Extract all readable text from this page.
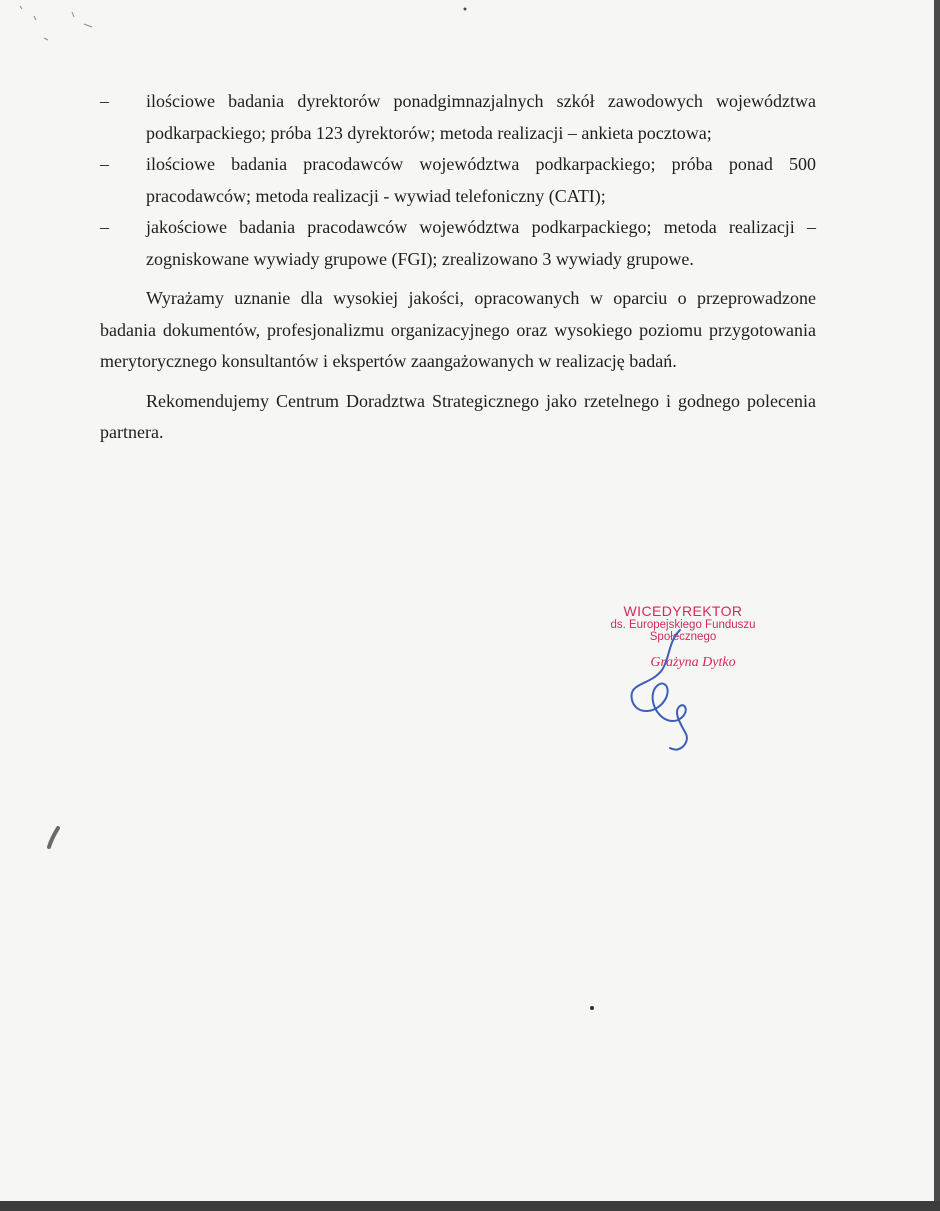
– ilościowe badania dyrektorów ponadgimnazjalnych szkół zawodowych województwa podkarpackiego; próba 123 dyrektorów; metoda realizacji – ankieta pocztowa;
– ilościowe badania pracodawców województwa podkarpackiego; próba ponad 500 pracodawców; metoda realizacji - wywiad telefoniczny (CATI);
– jakościowe badania pracodawców województwa podkarpackiego; metoda realizacji – zogniskowane wywiady grupowe (FGI); zrealizowano 3 wywiady grupowe.

Wyrażamy uznanie dla wysokiej jakości, opracowanych w oparciu o przeprowadzone badania dokumentów, profesjonalizmu organizacyjnego oraz wysokiego poziomu przygotowania merytorycznego konsultantów i ekspertów zaangażowanych w realizację badań.

Rekomendujemy Centrum Doradztwa Strategicznego jako rzetelnego i godnego polecenia partnera.

WICEDYREKTOR
ds. Europejskiego Funduszu
Społecznego
Grażyna Dytko
